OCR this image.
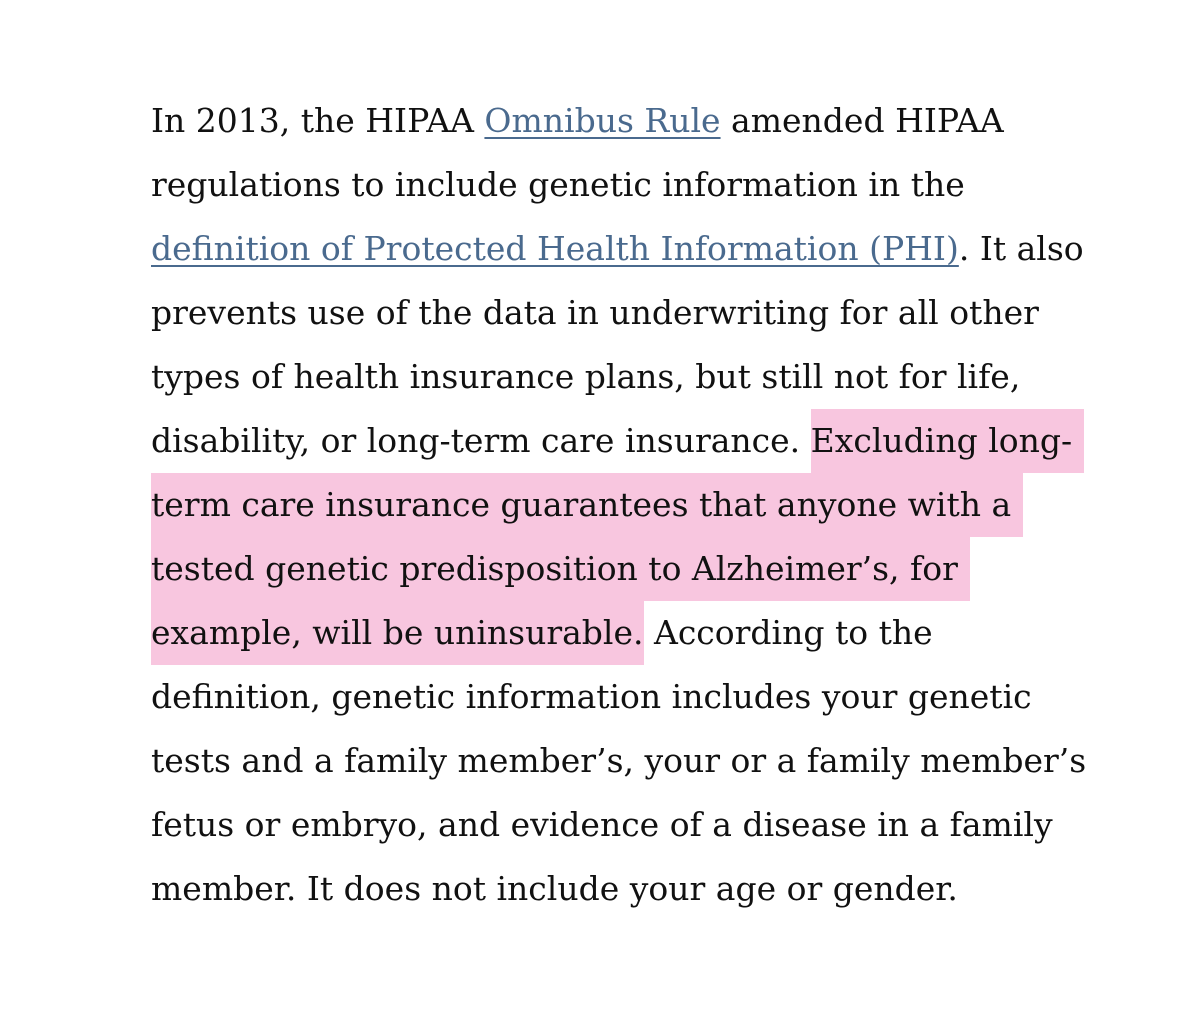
In 2013, the HIPAA Omnibus Rule amended HIPAA
regulations to include genetic information in the
definition of Protected Health Information (PHI). It also
prevents use of the data in underwriting for all other
types of health insurance plans, but still not for life,
disability, or long-term care insurance. Excluding long-
term care insurance guarantees that anyone with a
tested genetic predisposition to Alzheimer’s, for
example, will be uninsurable. According to the
definition, genetic information includes your genetic
tests and a family member’s, your or a family member’s
fetus or embryo, and evidence of a disease in a family
member. It does not include your age or gender.
